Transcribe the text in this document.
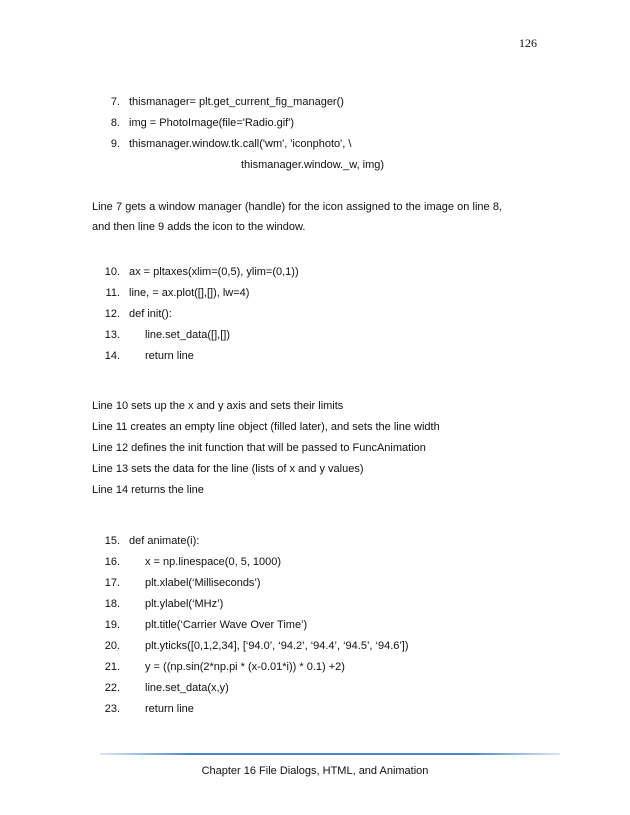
126
7. thismanager= plt.get_current_fig_manager()
8. img = PhotoImage(file='Radio.gif')
9. thismanager.window.tk.call('wm', 'iconphoto', \
thismanager.window._w, img)
Line 7 gets a window manager (handle) for the icon assigned to the image on line 8, and then line 9 adds the icon to the window.
10. ax = pltaxes(xlim=(0,5), ylim=(0,1))
11. line, = ax.plot([],[]), lw=4)
12. def init():
13. line.set_data([],[])
14. return line
Line 10 sets up the x and y axis and sets their limits
Line 11 creates an empty line object (filled later), and sets the line width
Line 12 defines the init function that will be passed to FuncAnimation
Line 13 sets the data for the line (lists of x and y values)
Line 14 returns the line
15. def animate(i):
16. x = np.linespace(0, 5, 1000)
17. plt.xlabel(‘Milliseconds’)
18. plt.ylabel(‘MHz’)
19. plt.title(‘Carrier Wave Over Time’)
20. plt.yticks([0,1,2,34], [‘94.0’, ‘94.2’, ‘94.4’, ‘94.5’, ‘94.6’])
21. y = ((np.sin(2*np.pi * (x-0.01*i)) * 0.1) +2)
22. line.set_data(x,y)
23. return line
Chapter 16 File Dialogs, HTML, and Animation
